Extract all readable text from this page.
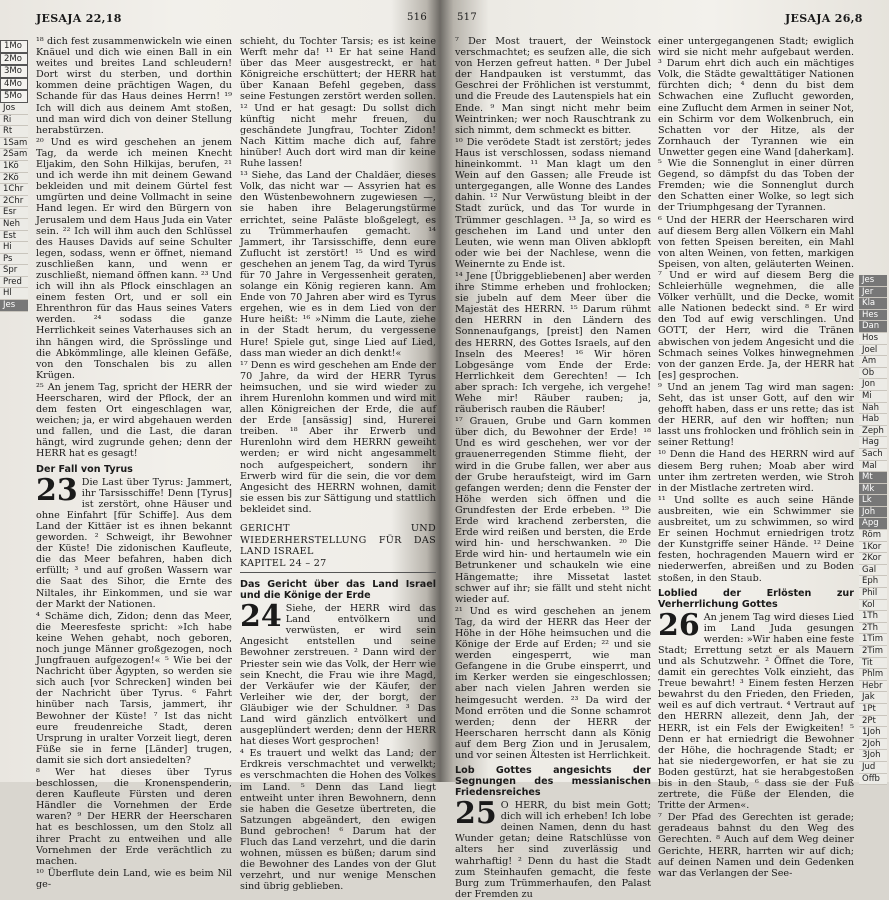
JESAJA 22,18	516
1Mo
2Mo
3Mo
4Mo
5Mo
Jos
Ri
Rt
1Sam
2Sam
1Kö
2Kö
1Chr
2Chr
Esr
Neh
Est
Hi
Ps
Spr
Pred
Hl
Jes

¹⁸ dich fest zusammenwickeln wie einen Knäuel und dich wie einen Ball in ein weites und breites Land schleudern! Dort wirst du sterben, und dorthin kommen deine prächtigen Wagen, du Schande für das Haus deines Herrn! ¹⁹ Ich will dich aus deinem Amt stoßen, und man wird dich von deiner Stellung herabstürzen.

²⁰ Und es wird geschehen an jenem Tag, da werde ich meinen Knecht Eljakim, den Sohn Hilkijas, berufen, ²¹ und ich werde ihn mit deinem Gewand bekleiden und mit deinem Gürtel fest umgürten und deine Vollmacht in seine Hand legen. Er wird den Bürgern von Jerusalem und dem Haus Juda ein Vater sein. ²² Ich will ihm auch den Schlüssel des Hauses Davids auf seine Schulter legen, sodass, wenn er öffnet, niemand zuschließen kann, und wenn er zuschließt, niemand öffnen kann. ²³ Und ich will ihn als Pflock einschlagen an einem festen Ort, und er soll ein Ehrenthron für das Haus seines Vaters werden. ²⁴ sodass die ganze Herrlichkeit seines Vaterhauses sich an ihn hängen wird, die Sprösslinge und die Abkömmlinge, alle kleinen Gefäße, von den Tonschalen bis zu allen Krügen.

²⁵ An jenem Tag, spricht der HERR der Heerscharen, wird der Pflock, der an dem festen Ort eingeschlagen war, weichen; ja, er wird abgehauen werden und fallen, und die Last, die daran hängt, wird zugrunde gehen; denn der HERR hat es gesagt!

Der Fall von Tyrus

23 Die Last über Tyrus: Jammert, ihr Tarsisschiffe! Denn [Tyrus] ist zerstört, ohne Häuser und ohne Einfahrt [für Schiffe]. Aus dem Land der Kittäer ist es ihnen bekannt geworden. ² Schweigt, ihr Bewohner der Küste! Die zidonischen Kaufleute, die das Meer befahren, haben dich erfüllt; ³ und auf großen Wassern war die Saat des Sihor, die Ernte des Niltales, ihr Einkommen, und sie war der Markt der Nationen.

⁴ Schäme dich, Zidon; denn das Meer, die Meeresfeste spricht: »Ich habe keine Wehen gehabt, noch geboren, noch junge Männer großgezogen, noch Jungfrauen aufgezogen!« ⁵ Wie bei der Nachricht über Ägypten, so werden sie sich auch [vor Schrecken] winden bei der Nachricht über Tyrus. ⁶ Fahrt hinüber nach Tarsis, jammert, ihr Bewohner der Küste! ⁷ Ist das nicht eure freudenreiche Stadt, deren Ursprung in uralter Vorzeit liegt, deren Füße sie in ferne [Länder] trugen, damit sie sich dort ansiedelten?

⁸ Wer hat dieses über Tyrus beschlossen, die Kronenspenderin, deren Kaufleute Fürsten und deren Händler die Vornehmen der Erde waren? ⁹ Der HERR der Heerscharen hat es beschlossen, um den Stolz all ihrer Pracht zu entweihen und alle Vornehmen der Erde verächtlich zu machen.

¹⁰ Überflute dein Land, wie es beim Nil ge-

schieht, du Tochter Tarsis; es ist keine Werft mehr da! ¹¹ Er hat seine Hand über das Meer ausgestreckt, er hat Königreiche erschüttert; der HERR hat über Kanaan Befehl gegeben, dass seine Festungen zerstört werden sollen. ¹² Und er hat gesagt: Du sollst dich künftig nicht mehr freuen, du geschändete Jungfrau, Tochter Zidon! Nach Kittim mache dich auf, fahre hinüber! Auch dort wird man dir keine Ruhe lassen!

¹³ Siehe, das Land der Chaldäer, dieses Volk, das nicht war — Assyrien hat es den Wüstenbewohnern zugewiesen —, sie haben ihre Belagerungstürme errichtet, seine Paläste bloßgelegt, es zu Trümmerhaufen gemacht. ¹⁴ Jammert, ihr Tarsisschiffe, denn eure Zuflucht ist zerstört! ¹⁵ Und es wird geschehen an jenem Tag, da wird Tyrus für 70 Jahre in Vergessenheit geraten, solange ein König regieren kann. Am Ende von 70 Jahren aber wird es Tyrus ergehen, wie es in dem Lied von der Hure heißt: ¹⁶ »Nimm die Laute, ziehe in der Stadt herum, du vergessene Hure! Spiele gut, singe Lied auf Lied, dass man wieder an dich denkt!«

¹⁷ Denn es wird geschehen am Ende der 70 Jahre, da wird der HERR Tyrus heimsuchen, und sie wird wieder zu ihrem Hurenlohn kommen und wird mit allen Königreichen der Erde, die auf der Erde [ansässig] sind, Hurerei treiben. ¹⁸ Aber ihr Erwerb und Hurenlohn wird dem HERRN geweiht werden; er wird nicht angesammelt noch aufgespeichert, sondern ihr Erwerb wird für die sein, die vor dem Angesicht des HERRN wohnen, damit sie essen bis zur Sättigung und stattlich bekleidet sind.

GERICHT UND WIEDERHERSTELLUNG FÜR DAS LAND ISRAEL
KAPITEL 24 – 27
Das Gericht über das Land Israel und die Könige der Erde

24 Siehe, der HERR wird das Land entvölkern und verwüsten, er wird sein Angesicht entstellen und seine Bewohner zerstreuen. ² Dann wird der Priester sein wie das Volk, der Herr wie sein Knecht, die Frau wie ihre Magd, der Verkäufer wie der Käufer, der Verleiher wie der, der borgt, der Gläubiger wie der Schuldner. ³ Das Land wird gänzlich entvölkert und ausgeplündert werden; denn der HERR hat dieses Wort gesprochen!

⁴ Es trauert und welkt das Land; der Erdkreis verschmachtet und verwelkt; es verschmachten die Hohen des Volkes im Land. ⁵ Denn das Land liegt entweiht unter ihren Bewohnern, denn sie haben die Gesetze übertreten, die Satzungen abgeändert, den ewigen Bund gebrochen! ⁶ Darum hat der Fluch das Land verzehrt, und die darin wohnen, müssen es büßen; darum sind die Bewohner des Landes von der Glut verzehrt, und nur wenige Menschen sind übrig geblieben.

517	JESAJA 26,8

⁷ Der Most trauert, der Weinstock verschmachtet; es seufzen alle, die sich von Herzen gefreut hatten. ⁸ Der Jubel der Handpauken ist verstummt, das Geschrei der Fröhlichen ist verstummt, und die Freude des Lautenspiels hat ein Ende. ⁹ Man singt nicht mehr beim Weintrinken; wer noch Rauschtrank zu sich nimmt, dem schmeckt es bitter.

¹⁰ Die verödete Stadt ist zerstört; jedes Haus ist verschlossen, sodass niemand hineinkommt. ¹¹ Man klagt um den Wein auf den Gassen; alle Freude ist untergegangen, alle Wonne des Landes dahin. ¹² Nur Verwüstung bleibt in der Stadt zurück, und das Tor wurde in Trümmer geschlagen. ¹³ Ja, so wird es geschehen im Land und unter den Leuten, wie wenn man Oliven abklopft oder wie bei der Nachlese, wenn die Weinernte zu Ende ist.

¹⁴ Jene [Übriggebliebenen] aber werden ihre Stimme erheben und frohlocken; sie jubeln auf dem Meer über die Majestät des HERRN. ¹⁵ Darum rühmt den HERRN in den Ländern des Sonnenaufgangs, [preist] den Namen des HERRN, des Gottes Israels, auf den Inseln des Meeres! ¹⁶ Wir hören Lobgesänge vom Ende der Erde: Herrlichkeit dem Gerechten! — Ich aber sprach: Ich vergehe, ich vergehe! Wehe mir! Räuber rauben; ja, räuberisch rauben die Räuber!

¹⁷ Grauen, Grube und Garn kommen über dich, du Bewohner der Erde! ¹⁸ Und es wird geschehen, wer vor der grauenerregenden Stimme flieht, der wird in die Grube fallen, wer aber aus der Grube heraufsteigt, wird im Garn gefangen werden; denn die Fenster der Höhe werden sich öffnen und die Grundfesten der Erde erbeben. ¹⁹ Die Erde wird krachend zerbersten, die Erde wird reißen und bersten, die Erde wird hin- und herschwanken. ²⁰ Die Erde wird hin- und hertaumeln wie ein Betrunkener und schaukeln wie eine Hängematte; ihre Missetat lastet schwer auf ihr; sie fällt und steht nicht wieder auf.

²¹ Und es wird geschehen an jenem Tag, da wird der HERR das Heer der Höhe in der Höhe heimsuchen und die Könige der Erde auf Erden; ²² und sie werden eingesperrt, wie man Gefangene in die Grube einsperrt, und im Kerker werden sie eingeschlossen; aber nach vielen Jahren werden sie heimgesucht werden. ²³ Da wird der Mond erröten und die Sonne schamrot werden; denn der HERR der Heerscharen herrscht dann als König auf dem Berg Zion und in Jerusalem, und vor seinen Ältesten ist Herrlichkeit.

Lob Gottes angesichts der Segnungen des messianischen Friedensreiches

25 O HERR, du bist mein Gott; dich will ich erheben! Ich lobe deinen Namen, denn du hast Wunder getan; deine Ratschlüsse von alters her sind zuverlässig und wahrhaftig! ² Denn du hast die Stadt zum Steinhaufen gemacht, die feste Burg zum Trümmerhaufen, den Palast der Fremden zu

einer untergegangenen Stadt; ewiglich wird sie nicht mehr aufgebaut werden. ³ Darum ehrt dich auch ein mächtiges Volk, die Städte gewalttätiger Nationen fürchten dich; ⁴ denn du bist dem Schwachen eine Zuflucht geworden, eine Zuflucht dem Armen in seiner Not, ein Schirm vor dem Wolkenbruch, ein Schatten vor der Hitze, als der Zornhauch der Tyrannen wie ein Unwetter gegen eine Wand [daherkam]. ⁵ Wie die Sonnenglut in einer dürren Gegend, so dämpfst du das Toben der Fremden; wie die Sonnenglut durch den Schatten einer Wolke, so legt sich der Triumphgesang der Tyrannen.

⁶ Und der HERR der Heerscharen wird auf diesem Berg allen Völkern ein Mahl von fetten Speisen bereiten, ein Mahl von alten Weinen, von fetten, markigen Speisen, von alten, geläuterten Weinen. ⁷ Und er wird auf diesem Berg die Schleierhülle wegnehmen, die alle Völker verhüllt, und die Decke, womit alle Nationen bedeckt sind. ⁸ Er wird den Tod auf ewig verschlingen. Und GOTT, der Herr, wird die Tränen abwischen von jedem Angesicht und die Schmach seines Volkes hinwegnehmen von der ganzen Erde. Ja, der HERR hat [es] gesprochen.

⁹ Und an jenem Tag wird man sagen: Seht, das ist unser Gott, auf den wir gehofft haben, dass er uns rette; das ist der HERR, auf den wir hofften; nun lasst uns frohlocken und fröhlich sein in seiner Rettung!

¹⁰ Denn die Hand des HERRN wird auf diesem Berg ruhen; Moab aber wird unter ihm zertreten werden, wie Stroh in der Mistlache zertreten wird.

¹¹ Und sollte es auch seine Hände ausbreiten, wie ein Schwimmer sie ausbreitet, um zu schwimmen, so wird Er seinen Hochmut erniedrigen trotz der Kunstgriffe seiner Hände. ¹² Deine festen, hochragenden Mauern wird er niederwerfen, abreißen und zu Boden stoßen, in den Staub.

Loblied der Erlösten zur Verherrlichung Gottes

26 An jenem Tag wird dieses Lied im Land Juda gesungen werden: »Wir haben eine feste Stadt; Errettung setzt er als Mauern und als Schutzwehr. ² Öffnet die Tore, damit ein gerechtes Volk einzieht, das Treue bewahrt! ³ Einem festen Herzen bewahrst du den Frieden, den Frieden, weil es auf dich vertraut. ⁴ Vertraut auf den HERRN allezeit, denn Jah, der HERR, ist ein Fels der Ewigkeiten! ⁵ Denn er hat erniedrigt die Bewohner der Höhe, die hochragende Stadt; er hat sie niedergeworfen, er hat sie zu Boden gestürzt, hat sie herabgestoßen bis in den Staub, ⁶ dass sie der Fuß zertrete, die Füße der Elenden, die Tritte der Armen«.

⁷ Der Pfad des Gerechten ist gerade; geradeaus bahnst du den Weg des Gerechten. ⁸ Auch auf dem Weg deiner Gerichte, HERR, harrten wir auf dich; auf deinen Namen und dein Gedenken war das Verlangen der See-

Jes
Jer
Kla
Hes
Dan
Hos
Joel
Am
Ob
Jon
Mi
Nah
Hab
Zeph
Hag
Sach
Mal
Mt
Mk
Lk
Joh
Apg
Röm
1Kor
2Kor
Gal
Eph
Phil
Kol
1Th
2Th
1Tim
2Tim
Tit
Phlm
Hebr
Jak
1Pt
2Pt
1Joh
2Joh
3Joh
Jud
Offb
